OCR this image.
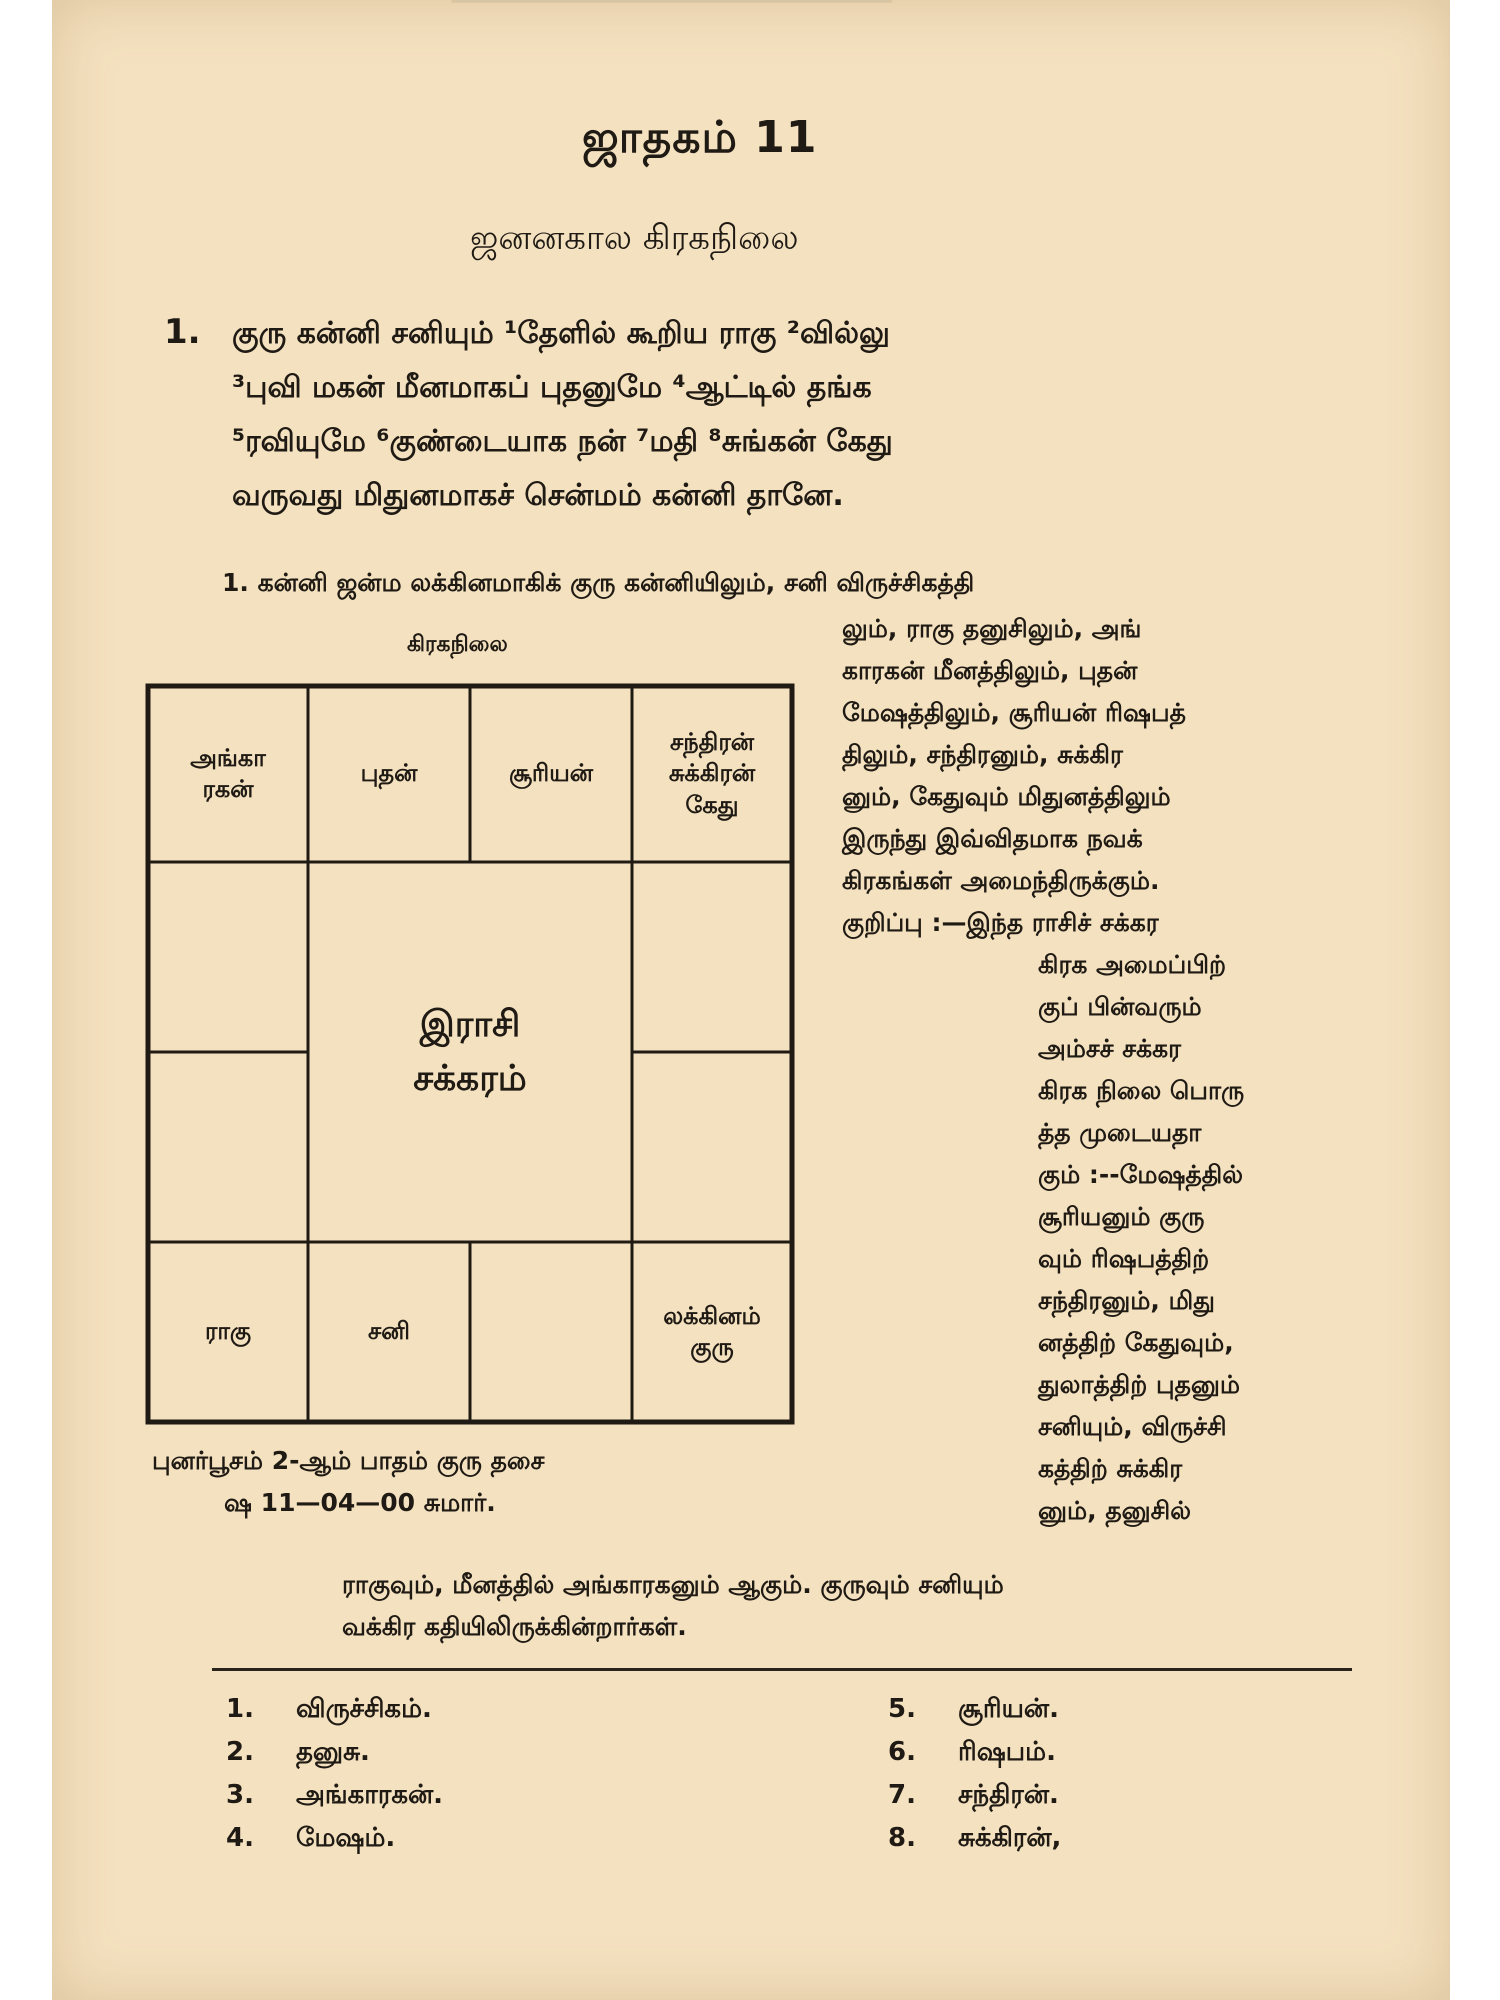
▔▔▔▔▔▔▔▔▔▔▔▔▔▔▔▔▔▔▔▔▔▔
ஜாதகம் 11
ஜனனகால கிரகநிலை
1. குரு கன்னி சனியும் ¹தேளில் கூறிய ராகு ²வில்லு
³புவி மகன் மீனமாகப் புதனுமே ⁴ஆட்டில் தங்க
⁵ரவியுமே ⁶குண்டையாக நன் ⁷மதி ⁸சுங்கன் கேது
வருவது மிதுனமாகச் சென்மம் கன்னி தானே.
1. கன்னி ஜன்ம லக்கினமாகிக் குரு கன்னியிலும், சனி விருச்சிகத்தி
கிரகநிலை
அங்கா
ரகன்
புதன்	சூரியன்
சந்திரன்
சுக்கிரன்
கேது
இராசி
சக்கரம்
ராகு	சனி
லக்கினம்
குரு
புனர்பூசம் 2-ஆம் பாதம் குரு தசை
ஷ 11—04—00 சுமார்.
லும், ராகு தனுசிலும், அங்
காரகன் மீனத்திலும், புதன்
மேஷத்திலும், சூரியன் ரிஷபத்
திலும், சந்திரனும், சுக்கிர
னும், கேதுவும் மிதுனத்திலும்
இருந்து இவ்விதமாக நவக்
கிரகங்கள் அமைந்திருக்கும்.
குறிப்பு :—இந்த ராசிச் சக்கர
கிரக அமைப்பிற்
குப் பின்வரும்
அம்சச் சக்கர
கிரக நிலை பொரு
த்த முடையதா
கும் :--மேஷத்தில்
சூரியனும் குரு
வும் ரிஷபத்திற்
சந்திரனும், மிது
னத்திற் கேதுவும்,
துலாத்திற் புதனும்
சனியும், விருச்சி
கத்திற் சுக்கிர
னும், தனுசில்
ராகுவும், மீனத்தில் அங்காரகனும் ஆகும். குருவும் சனியும்
வக்கிர கதியிலிருக்கின்றார்கள்.
1. விருச்சிகம்.
2. தனுசு.
3. அங்காரகன்.
4. மேஷம்.
5. சூரியன்.
6. ரிஷபம்.
7. சந்திரன்.
8. சுக்கிரன்,
